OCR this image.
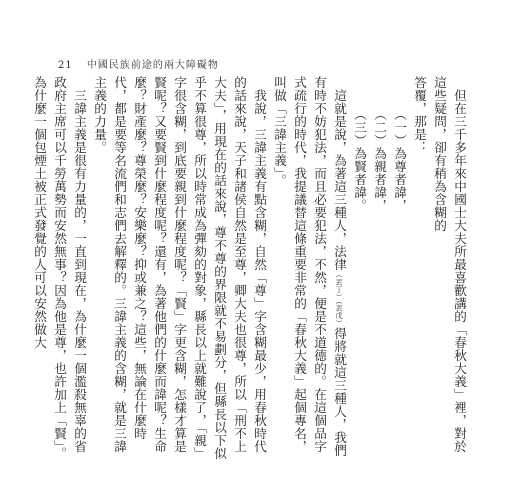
21 中國民族前途的兩大障礙物

但在三千多年來中國士大夫所最喜歡講的「春秋大義」裡，對於這些疑問，卻有稍為含糊的

答覆，那是：

（一）為尊者諱，

（二）為親者諱，

（三）為賢者諱。

這就是說，為著這三種人，法律（丟丁）（丟戊）得將就這三種人，我們有時不妨犯法，而且必要犯法，不然，便是不道德的。在這個品字式疏行的時代，我提議替這條重要非常的「春秋大義」起個專名，叫做「三諱主義」。

我說，三諱主義有點含糊，自然「尊」字含糊最少，用春秋時代的話來說，天子和諸侯自然是至尊，卿大夫也很尊，所以「刑不上大夫」，用現在的話來說，尊不尊的界限就不易劃分，但縣長以下似乎不算很尊，所以時常成為彈劾的對象，縣長以上就難說了，「親」字很含糊，到底要親到什麼程度呢？「賢」字更含糊，怎樣才算是賢呢？又要賢到什麼程度呢？還有，為著他們的什麼而諱呢？生命麼？財產麼？尊榮麼？安樂麼？抑或兼之？這些，無論在什麼時代，都是要等名流們和志們去解釋的。三諱主義的含糊，就是三諱主義的力量。

三諱主義是很有力量的，一直到現在，為什麼一個濫殺無辜的省政府主席可以千勞萬勢而安然無事？因為他是尊，也許加上「賢」。為什麼一個包煙土被正式發覺的人可以安然做大
